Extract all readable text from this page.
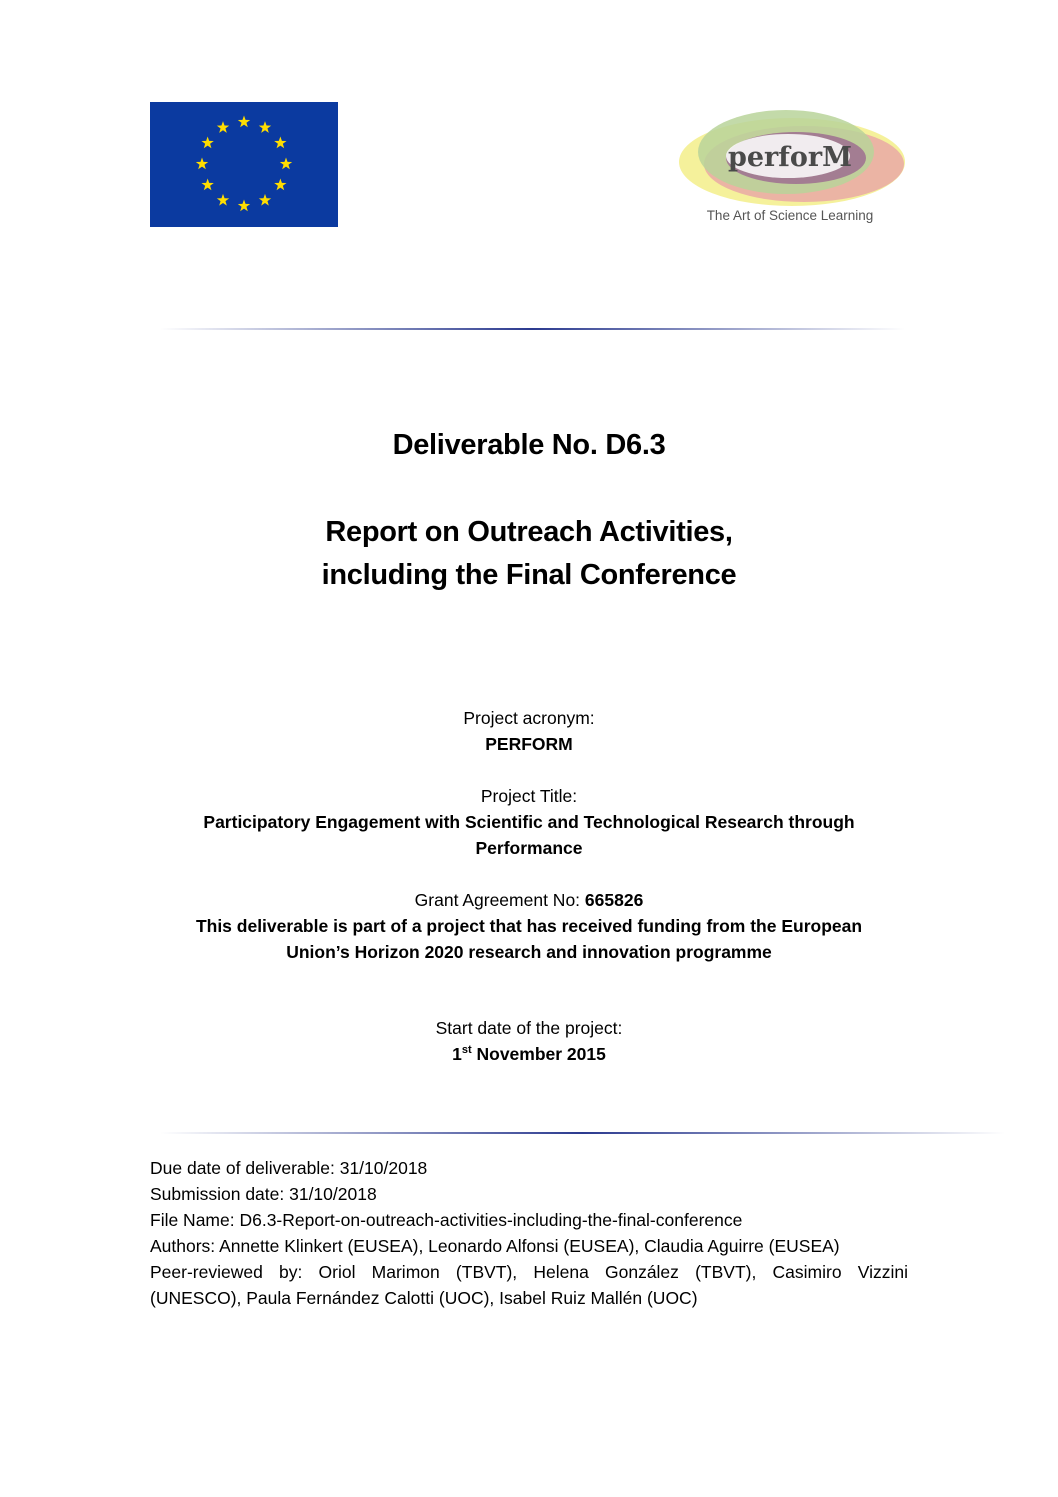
perforM
The Art of Science Learning
Deliverable No. D6.3
Report on Outreach Activities,
including the Final Conference
Project acronym:
PERFORM
Project Title:
Participatory Engagement with Scientific and Technological Research through
Performance
Grant Agreement No: 665826
This deliverable is part of a project that has received funding from the European
Union’s Horizon 2020 research and innovation programme
Start date of the project:
1st November 2015
Due date of deliverable: 31/10/2018
Submission date: 31/10/2018
File Name: D6.3-Report-on-outreach-activities-including-the-final-conference
Authors: Annette Klinkert (EUSEA), Leonardo Alfonsi (EUSEA), Claudia Aguirre (EUSEA)
Peer-reviewed by: Oriol Marimon (TBVT), Helena González (TBVT), Casimiro Vizzini
(UNESCO), Paula Fernández Calotti (UOC), Isabel Ruiz Mallén (UOC)
